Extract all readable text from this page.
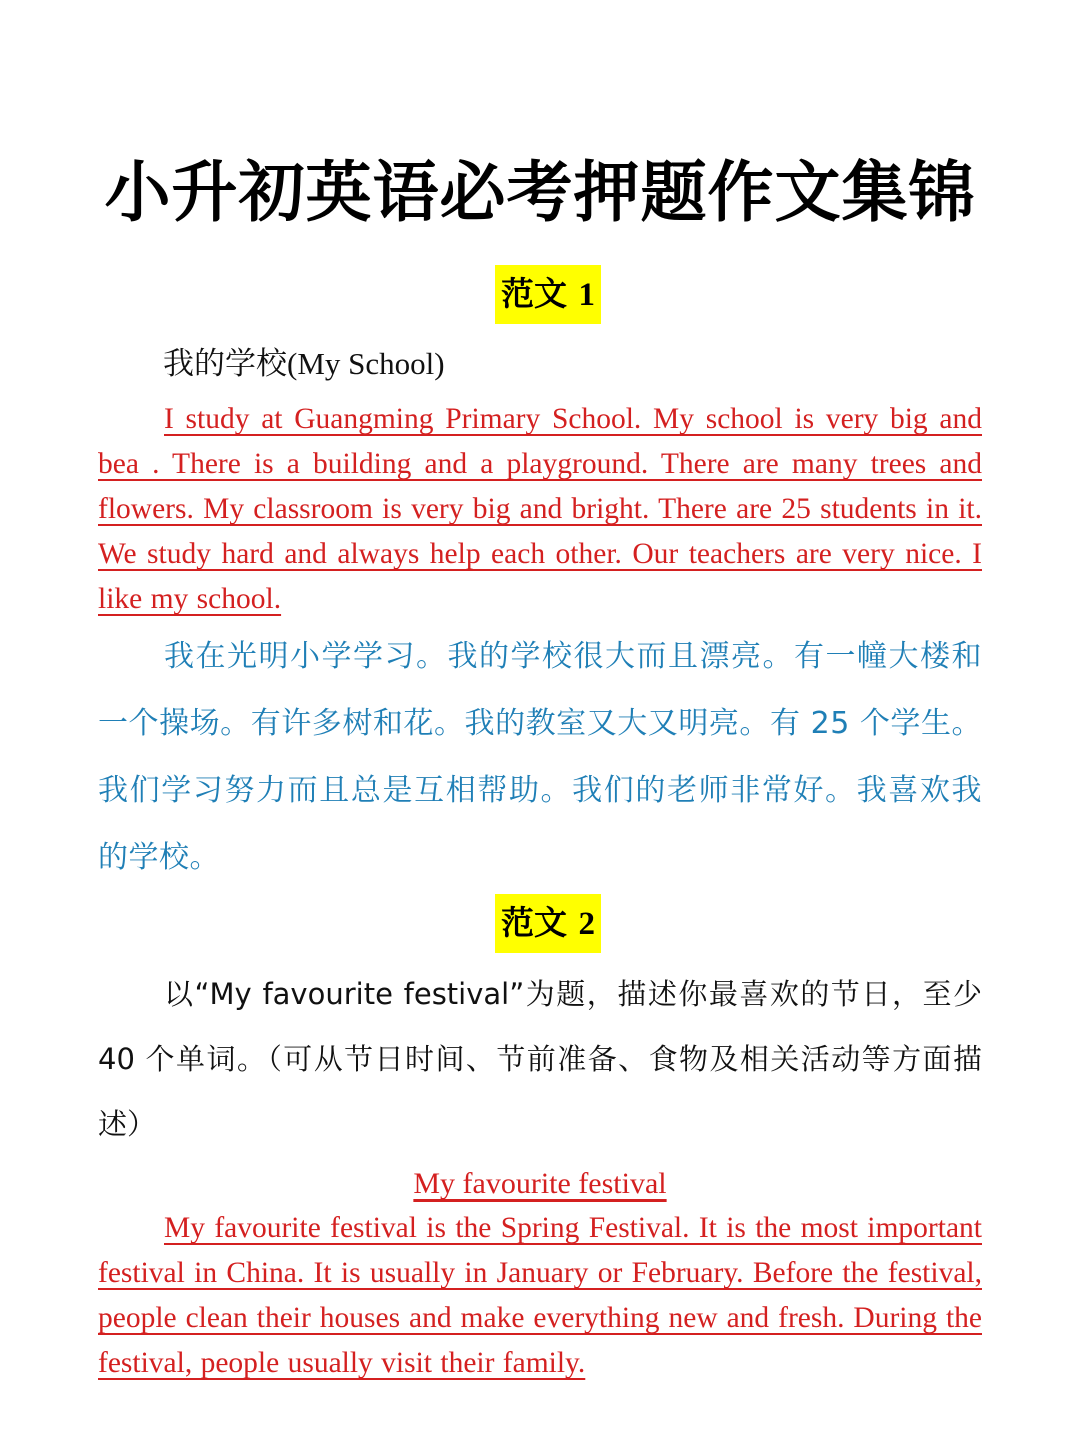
小升初英语必考押题作文集锦
范文 1
我的学校(My School)
I study at Guangming Primary School. My school is very big and bea . There is a building and a playground. There are many trees and flowers. My classroom is very big and bright. There are 25 students in it. We study hard and always help each other. Our teachers are very nice. I like my school.
我在光明小学学习。我的学校很大而且漂亮。有一幢大楼和一个操场。有许多树和花。我的教室又大又明亮。有 25 个学生。我们学习努力而且总是互相帮助。我们的老师非常好。我喜欢我的学校。
范文 2
以“My favourite festival”为题，描述你最喜欢的节日，至少 40 个单词。（可从节日时间、节前准备、食物及相关活动等方面描述）
My favourite festival
My favourite festival is the Spring Festival. It is the most important festival in China. It is usually in January or February. Before the festival, people clean their houses and make everything new and fresh. During the festival, people usually visit their family.
